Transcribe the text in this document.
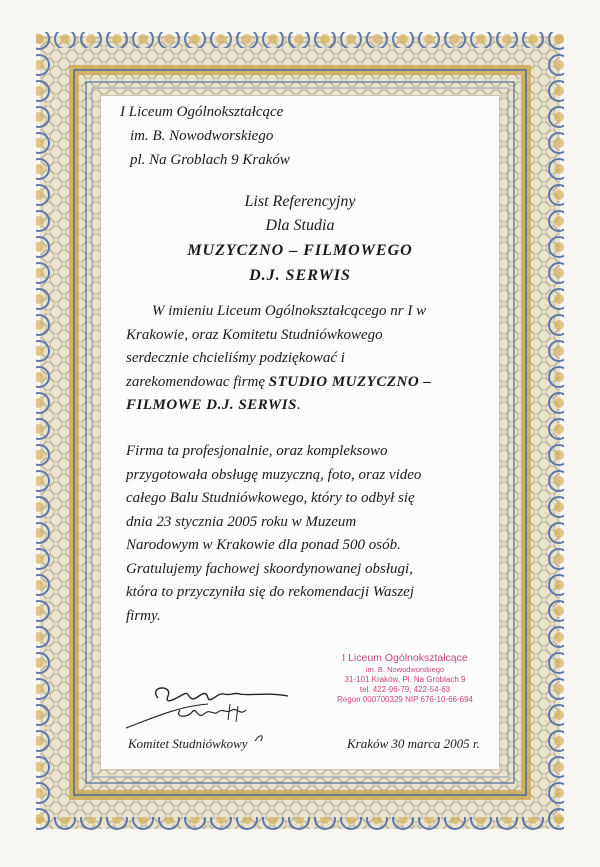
I Liceum Ogólnokształcące
im. B. Nowodworskiego
pl. Na Groblach 9 Kraków
List Referencyjny
Dla Studia
MUZYCZNO – FILMOWEGO
D.J. SERWIS
W imieniu Liceum Ogólnokształcącego nr I w
Krakowie, oraz Komitetu Studniówkowego
serdecznie chcieliśmy podziękować i
zarekomendowac firmę STUDIO MUZYCZNO –
FILMOWE D.J. SERWIS.
Firma ta profesjonalnie, oraz kompleksowo
przygotowała obsługę muzyczną, foto, oraz video
całego Balu Studniówkowego, który to odbył się
dnia 23 stycznia 2005 roku w Muzeum
Narodowym w Krakowie dla ponad 500 osób.
Gratulujemy fachowej skoordynowanej obsługi,
która to przyczyniła się do rekomendacji Waszej
firmy.
I Liceum Ogólnokształcące
im. B. Nowodworskiego
31-101 Kraków, Pl. Na Groblach 9
tel. 422-96-79, 422-54-63
Regon 000700329 NIP 676-10-66-694
Komitet Studniówkowy	Kraków 30 marca 2005 r.
